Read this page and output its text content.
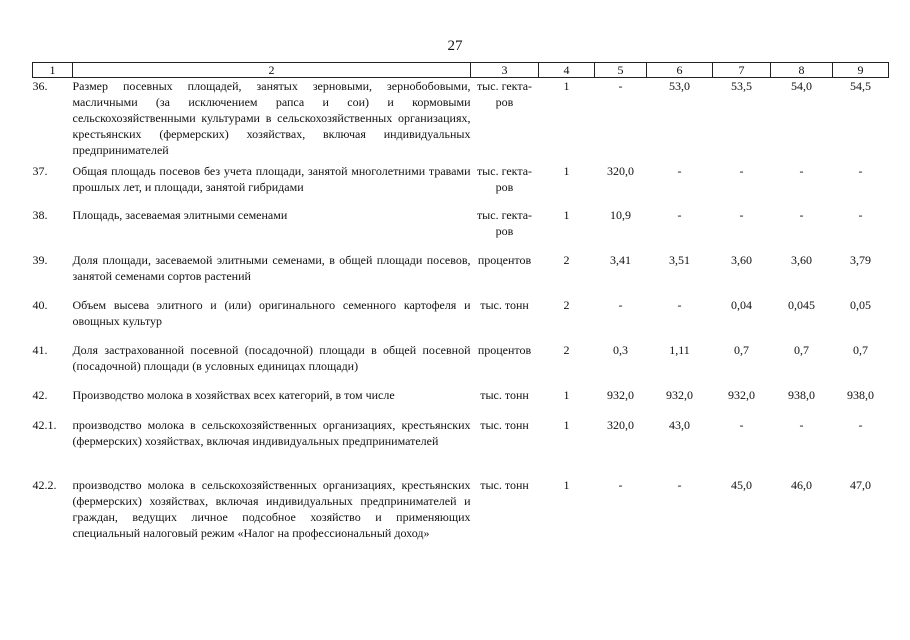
27
1	2	3	4	5	6	7	8	9
36.	Размер посевных площадей, занятых зерновыми, зернобобовыми, масличными (за исключением рапса и сои) и кормовыми сельскохозяйственными культурами в сельскохозяйственных организациях, крестьянских (фермерских) хозяйствах, включая индивидуальных предпринимателей	тыс. гекта-ров	1	-	53,0	53,5	54,0	54,5
37.	Общая площадь посевов без учета площади, занятой многолетними травами прошлых лет, и площади, занятой гибридами	тыс. гекта-ров	1	320,0	-	-	-	-
38.	Площадь, засеваемая элитными семенами	тыс. гекта-ров	1	10,9	-	-	-	-
39.	Доля площади, засеваемой элитными семенами, в общей площади посевов, занятой семенами сортов растений	процентов	2	3,41	3,51	3,60	3,60	3,79
40.	Объем высева элитного и (или) оригинального семенного картофеля и овощных культур	тыс. тонн	2	-	-	0,04	0,045	0,05
41.	Доля застрахованной посевной (посадочной) площади в общей посевной (посадочной) площади (в условных единицах площади)	процентов	2	0,3	1,11	0,7	0,7	0,7
42.	Производство молока в хозяйствах всех категорий, в том числе	тыс. тонн	1	932,0	932,0	932,0	938,0	938,0
42.1.	производство молока в сельскохозяйственных организациях, крестьянских (фермерских) хозяйствах, включая индивидуальных предпринимателей	тыс. тонн	1	320,0	43,0	-	-	-
42.2.	производство молока в сельскохозяйственных организациях, крестьянских (фермерских) хозяйствах, включая индивидуальных предпринимателей и граждан, ведущих личное подсобное хозяйство и применяющих специальный налоговый режим «Налог на профессиональный доход»	тыс. тонн	1	-	-	45,0	46,0	47,0
